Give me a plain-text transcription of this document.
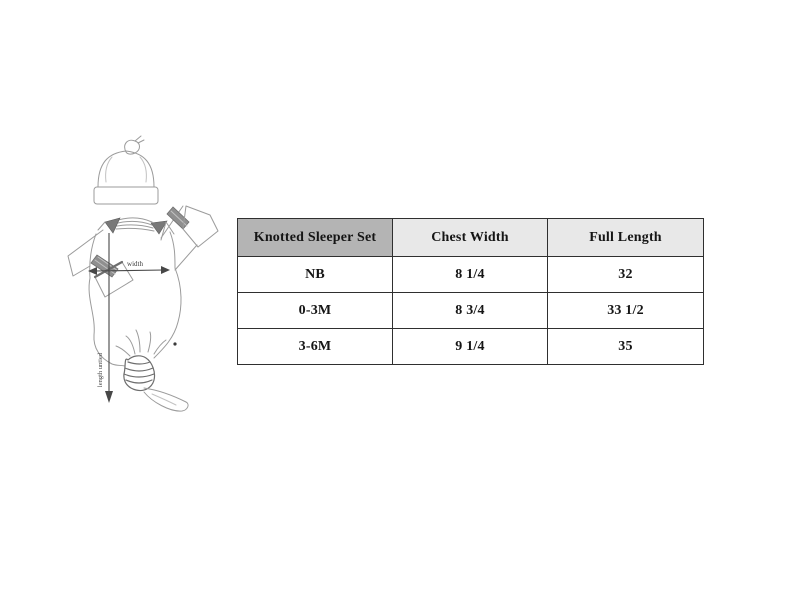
width
length untied
Knotted Sleeper Set	Chest Width	Full Length
NB	8 1/4	32
0-3M	8 3/4	33 1/2
3-6M	9 1/4	35
